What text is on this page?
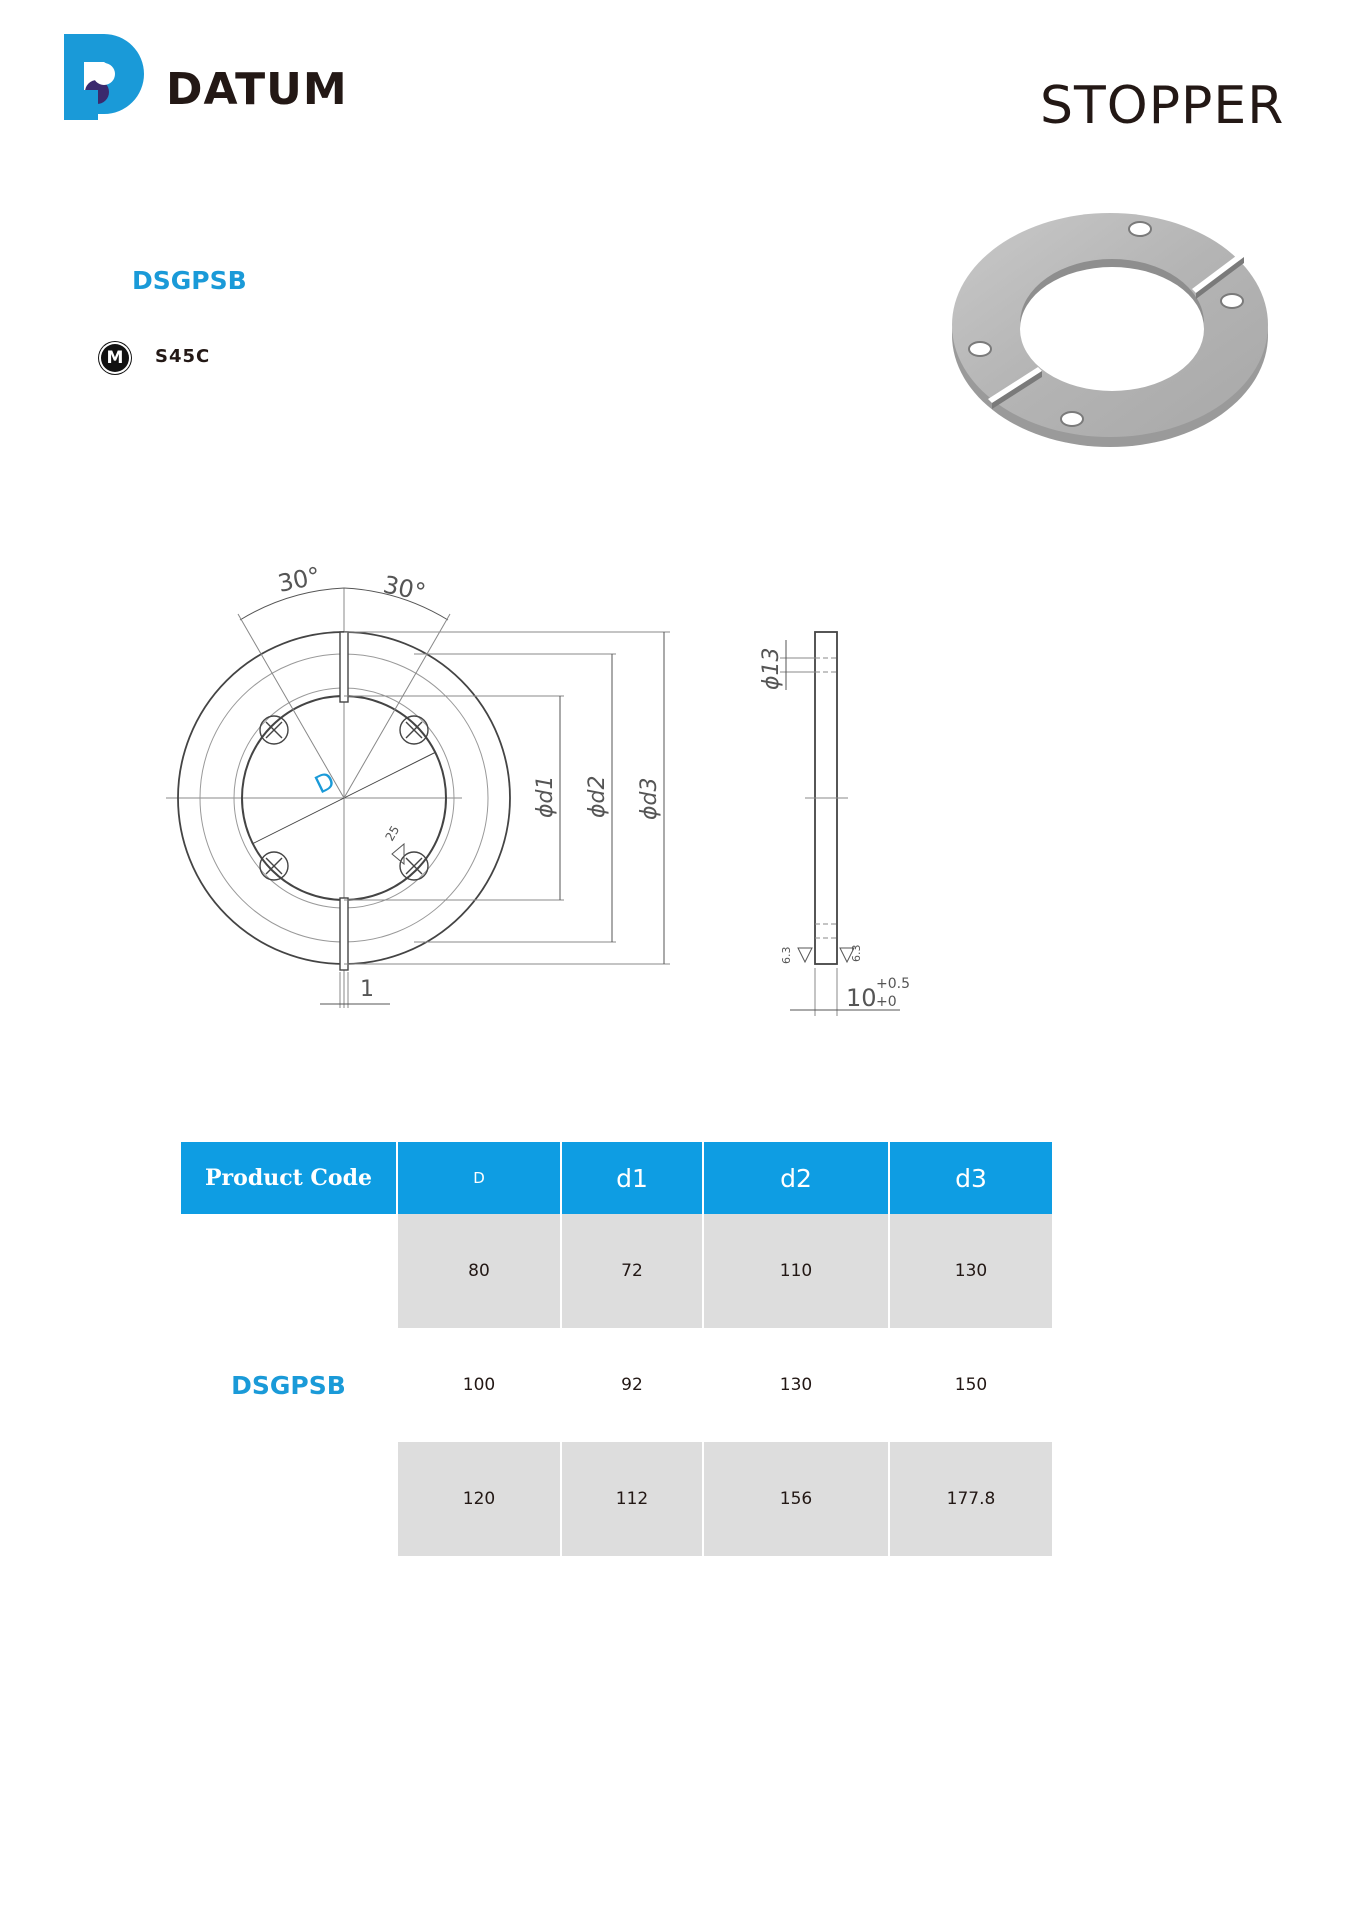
DATUM	STOPPER
DSGPSB
M	S45C
30° 30°
D	ϕd1 ϕd2 ϕd3
1
25
ϕ13
6.3	6.3
10 +0.5
+0
Product Code	D	d1	d2	d3
DSGPSB	80	72	110	130
	100	92	130	150
	120	112	156	177.8
